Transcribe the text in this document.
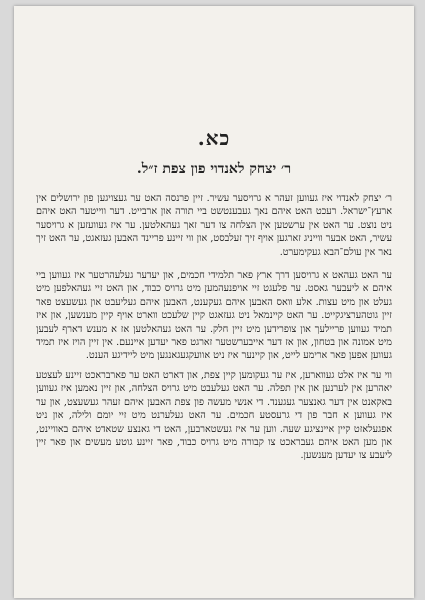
כא.
ר׳ יצחק לאנדוי פון צפת ז״ל.

ר׳ יצחק לאנדוי איז געווען זעהר א גרויסער עשיר. זיין פרנסה האט ער געצויגען פון ירושלים אין ארעץ־ישראל. רעכט האט איהם נאך געבענטשט ביי תורה און ארבייט. דער ווייטער האט איהם ניט נוצט. ער האט אין ערשטען אין הצלחה צו דער זאך געהאלטען. ער איז געוועזען א גרויסער עשיר, האט אבער ווייניג זארגען אויף זיך זעלבסט, און ווי זיינע פריינד האבען געזאגט, ער האט זיך נאר אין עולם־הבא געקימערט.

ער האט געהאט א גרויסען דרך ארץ פאר תלמידי חכמים, און יעדער געלעהרטער איז געווען ביי איהם א ליעבער גאסט. ער פלעגט זיי אויפנעהמען מיט גרויס כבוד, און האט זיי געהאלפען מיט געלט און מיט עצות. אלע וואס האבען איהם געקענט, האבען איהם געליעבט און געשעצט פאר זיין גוטהערציגקייט. ער האט קיינמאל ניט געזאגט קיין שלעכט ווארט אויף קיין מענשען, און איז תמיד געווען פריילעך און צופרידען מיט זיין חלק. ער האט געהאלטען אז א מענש דארף לעבען מיט אמונה און בטחון, און אז דער אייבערשטער זארגט פאר יעדען איינעם. אין זיין הויז איז תמיד געווען אפען פאר ארימע לייט, און קיינער איז ניט אוועקגעגאנגען מיט ליידיגע הענט.

ווי ער איז אלט געווארען, איז ער געקומען קיין צפת, און דארט האט ער פארבראכט זיינע לעצטע יאהרען אין לערנען און אין תפלה. ער האט געלעבט מיט גרויס הצלחה, און זיין נאמען איז געווען באקאנט אין דער גאנצער געגענד. די אנשי מעשה פון צפת האבען איהם זעהר געשעצט, און ער איז געווען א חבר פון די גרעסטע חכמים. ער האט געלערנט מיט זיי יומם ולילה, און ניט אפגעלאזט קיין איינציגע שעה. ווען ער איז געשטארבען, האט די גאנצע שטאדט איהם באוויינט, און מען האט איהם געבראכט צו קבורה מיט גרויס כבוד, פאר זיינע גוטע מעשים און פאר זיין ליעבע צו יעדען מענשען.
